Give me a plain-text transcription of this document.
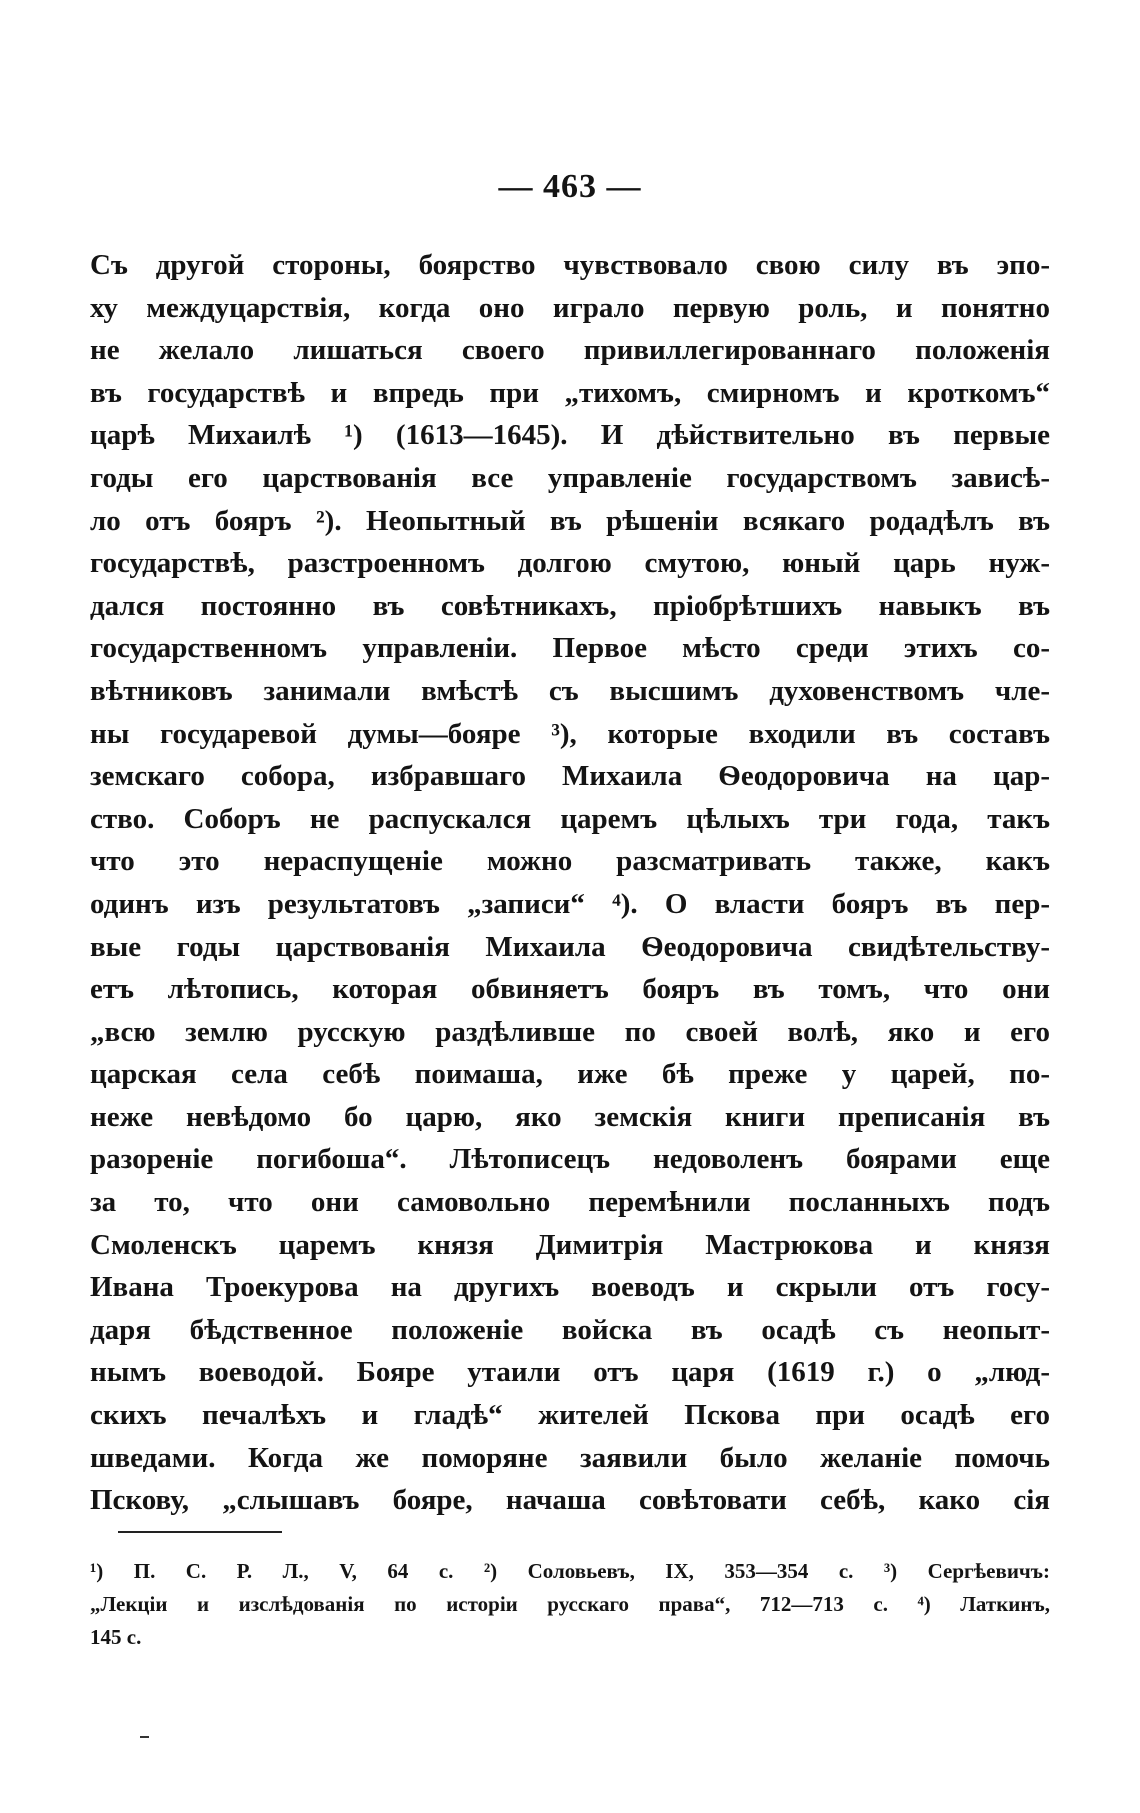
— 463 —
Съ другой стороны, боярство чувствовало свою силу въ эпо-
ху междуцарствія, когда оно играло первую роль, и понятно
не желало лишаться своего привиллегированнаго положенія
въ государствѣ и впредь при „тихомъ, смирномъ и кроткомъ“
царѣ Михаилѣ ¹) (1613—1645). И дѣйствительно въ первые
годы его царствованія все управленіе государствомъ зависѣ-
ло отъ бояръ ²). Неопытный въ рѣшеніи всякаго родадѣлъ въ
государствѣ, разстроенномъ долгою смутою, юный царь нуж-
дался постоянно въ совѣтникахъ, пріобрѣтшихъ навыкъ въ
государственномъ управленіи. Первое мѣсто среди этихъ со-
вѣтниковъ занимали вмѣстѣ съ высшимъ духовенствомъ чле-
ны государевой думы—бояре ³), которые входили въ составъ
земскаго собора, избравшаго Михаила Ѳеодоровича на цар-
ство. Соборъ не распускался царемъ цѣлыхъ три года, такъ
что это нераспущеніе можно разсматривать также, какъ
одинъ изъ результатовъ „записи“ ⁴). О власти бояръ въ пер-
вые годы царствованія Михаила Ѳеодоровича свидѣтельству-
етъ лѣтопись, которая обвиняетъ бояръ въ томъ, что они
„всю землю русскую раздѣливше по своей волѣ, яко и его
царская села себѣ поимаша, иже бѣ преже у царей, по-
неже невѣдомо бо царю, яко земскія книги преписанія въ
разореніе погибоша“. Лѣтописецъ недоволенъ боярами еще
за то, что они самовольно перемѣнили посланныхъ подъ
Смоленскъ царемъ князя Димитрія Мастрюкова и князя
Ивана Троекурова на другихъ воеводъ и скрыли отъ госу-
даря бѣдственное положеніе войска въ осадѣ съ неопыт-
нымъ воеводой. Бояре утаили отъ царя (1619 г.) о „люд-
скихъ печалѣхъ и гладѣ“ жителей Пскова при осадѣ его
шведами. Когда же поморяне заявили было желаніе помочь
Пскову, „слышавъ бояре, начаша совѣтовати себѣ, како сія
¹) П. С. Р. Л., V, 64 с. ²) Соловьевъ, IX, 353—354 с. ³) Сергѣевичъ:
„Лекціи и изслѣдованія по исторіи русскаго права“, 712—713 с. ⁴) Латкинъ,
145 с.
